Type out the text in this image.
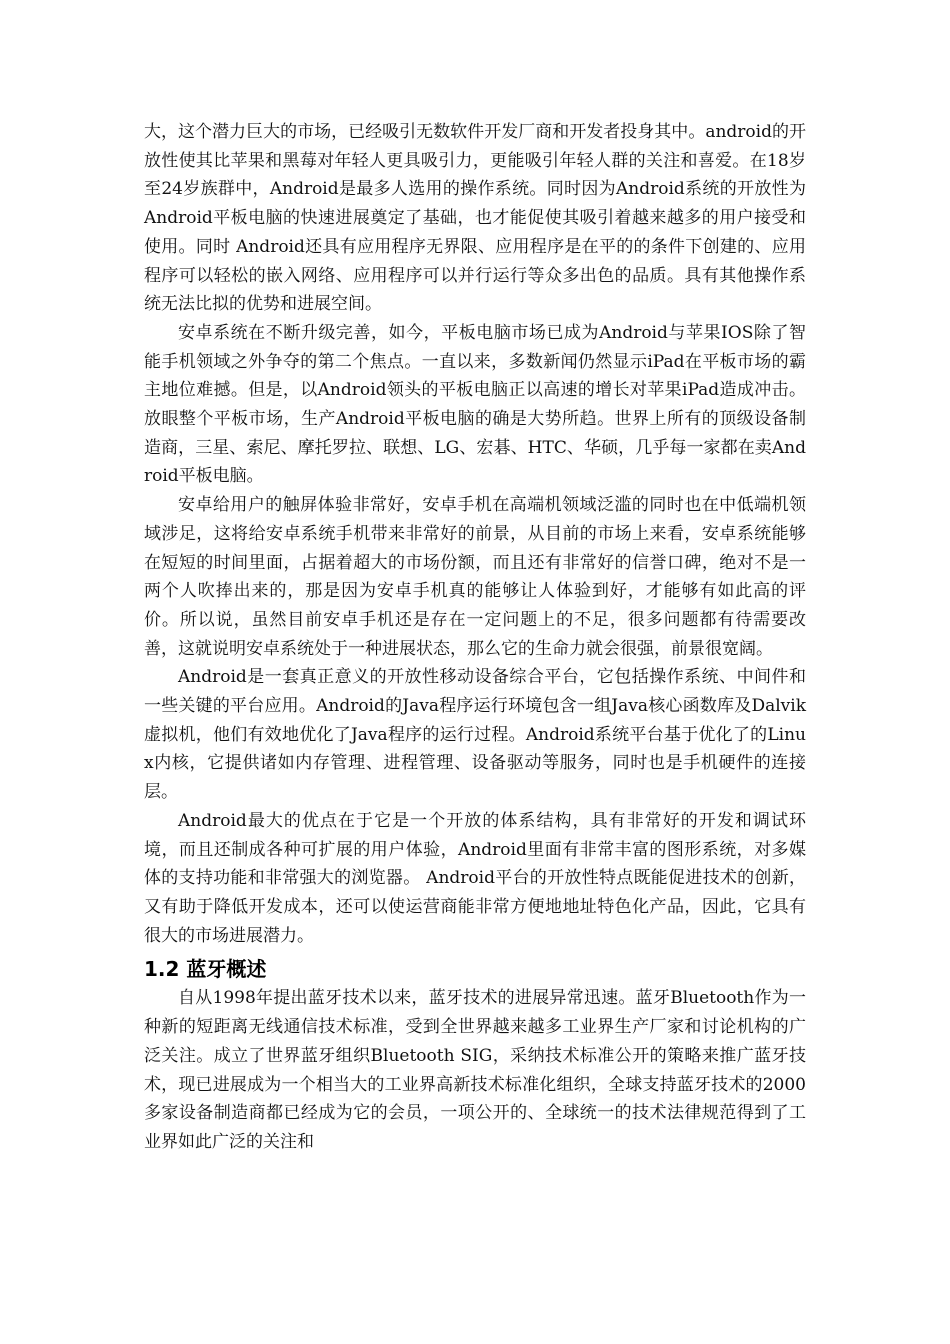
大，这个潜力巨大的市场，已经吸引无数软件开发厂商和开发者投身其中。android的开放性使其比苹果和黑莓对年轻人更具吸引力，更能吸引年轻人群的关注和喜爱。在18岁至24岁族群中，Android是最多人选用的操作系统。同时因为Android系统的开放性为Android平板电脑的快速进展奠定了基础，也才能促使其吸引着越来越多的用户接受和使用。同时 Android还具有应用程序无界限、应用程序是在平的的条件下创建的、应用程序可以轻松的嵌入网络、应用程序可以并行运行等众多出色的品质。具有其他操作系统无法比拟的优势和进展空间。

安卓系统在不断升级完善，如今，平板电脑市场已成为Android与苹果IOS除了智能手机领域之外争夺的第二个焦点。一直以来，多数新闻仍然显示iPad在平板市场的霸主地位难撼。但是，以Android领头的平板电脑正以高速的增长对苹果iPad造成冲击。放眼整个平板市场，生产Android平板电脑的确是大势所趋。世界上所有的顶级设备制造商，三星、索尼、摩托罗拉、联想、LG、宏碁、HTC、华硕，几乎每一家都在卖Android平板电脑。

安卓给用户的触屏体验非常好，安卓手机在高端机领域泛滥的同时也在中低端机领域涉足，这将给安卓系统手机带来非常好的前景，从目前的市场上来看，安卓系统能够在短短的时间里面，占据着超大的市场份额，而且还有非常好的信誉口碑，绝对不是一两个人吹捧出来的，那是因为安卓手机真的能够让人体验到好，才能够有如此高的评价。所以说，虽然目前安卓手机还是存在一定问题上的不足，很多问题都有待需要改善，这就说明安卓系统处于一种进展状态，那么它的生命力就会很强，前景很宽阔。

Android是一套真正意义的开放性移动设备综合平台，它包括操作系统、中间件和一些关键的平台应用。Android的Java程序运行环境包含一组Java核心函数库及Dalvik虚拟机，他们有效地优化了Java程序的运行过程。Android系统平台基于优化了的Linux内核，它提供诸如内存管理、进程管理、设备驱动等服务，同时也是手机硬件的连接层。

Android最大的优点在于它是一个开放的体系结构，具有非常好的开发和调试环境，而且还制成各种可扩展的用户体验，Android里面有非常丰富的图形系统，对多媒体的支持功能和非常强大的浏览器。 Android平台的开放性特点既能促进技术的创新，又有助于降低开发成本，还可以使运营商能非常方便地地址特色化产品，因此，它具有很大的市场进展潜力。

1.2 蓝牙概述

自从1998年提出蓝牙技术以来，蓝牙技术的进展异常迅速。蓝牙Bluetooth作为一种新的短距离无线通信技术标准，受到全世界越来越多工业界生产厂家和讨论机构的广泛关注。成立了世界蓝牙组织Bluetooth SIG，采纳技术标准公开的策略来推广蓝牙技术，现已进展成为一个相当大的工业界高新技术标准化组织，全球支持蓝牙技术的2000多家设备制造商都已经成为它的会员，一项公开的、全球统一的技术法律规范得到了工业界如此广泛的关注和
